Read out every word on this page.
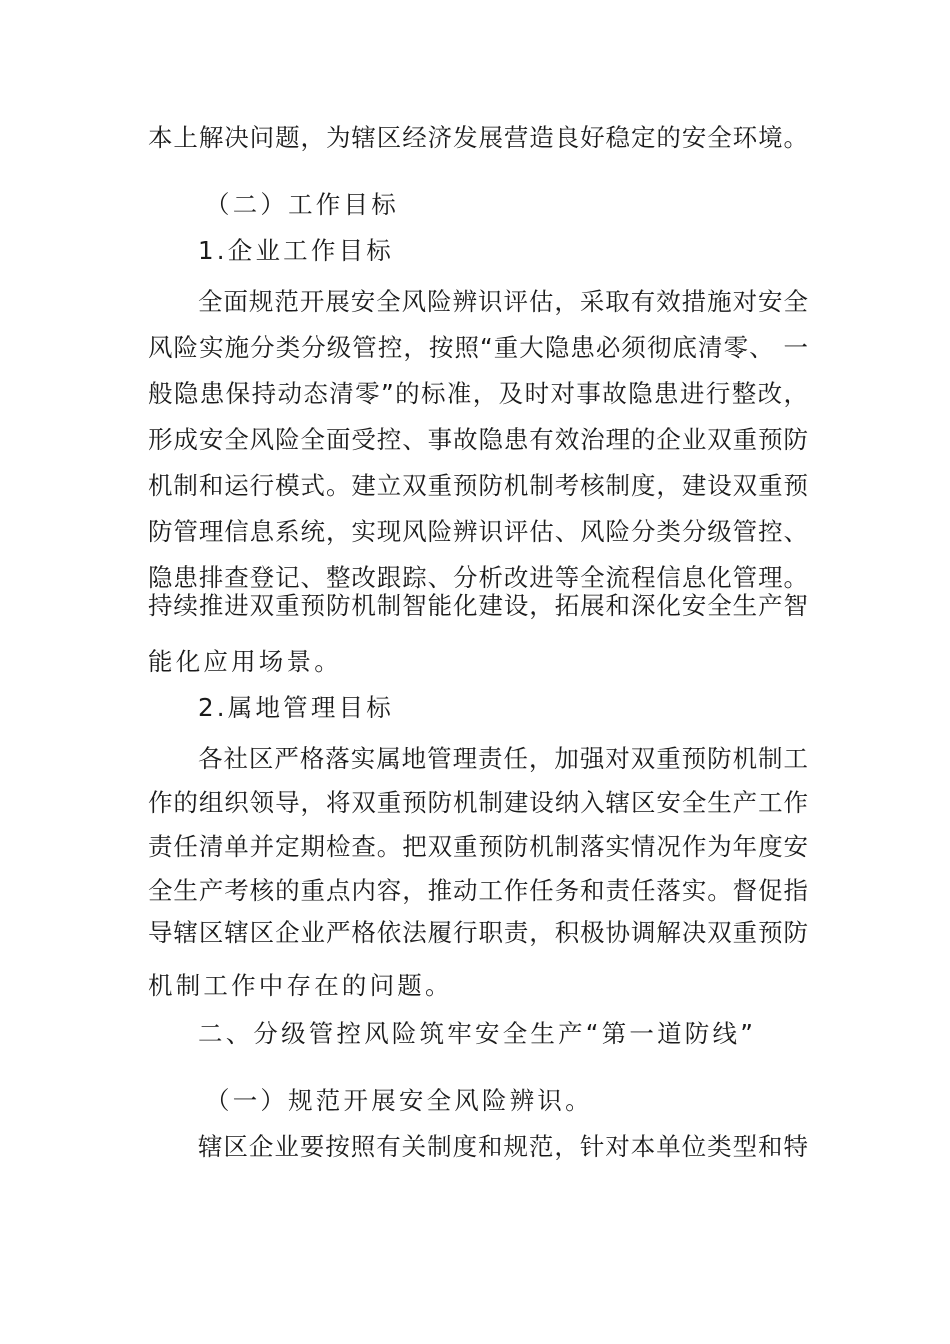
本上解决问题，为辖区经济发展营造良好稳定的安全环境。
（二）工作目标
1.企业工作目标
全面规范开展安全风险辨识评估，采取有效措施对安全
风险实施分类分级管控，按照“重大隐患必须彻底清零、 一
般隐患保持动态清零”的标准，及时对事故隐患进行整改，
形成安全风险全面受控、事故隐患有效治理的企业双重预防
机制和运行模式。建立双重预防机制考核制度，建设双重预
防管理信息系统，实现风险辨识评估、风险分类分级管控、
隐患排查登记、整改跟踪、分析改进等全流程信息化管理。
持续推进双重预防机制智能化建设，拓展和深化安全生产智
能化应用场景。
2.属地管理目标
各社区严格落实属地管理责任，加强对双重预防机制工
作的组织领导，将双重预防机制建设纳入辖区安全生产工作
责任清单并定期检查。把双重预防机制落实情况作为年度安
全生产考核的重点内容，推动工作任务和责任落实。督促指
导辖区辖区企业严格依法履行职责，积极协调解决双重预防
机制工作中存在的问题。
二、分级管控风险筑牢安全生产“第一道防线”
（一）规范开展安全风险辨识。
辖区企业要按照有关制度和规范，针对本单位类型和特
